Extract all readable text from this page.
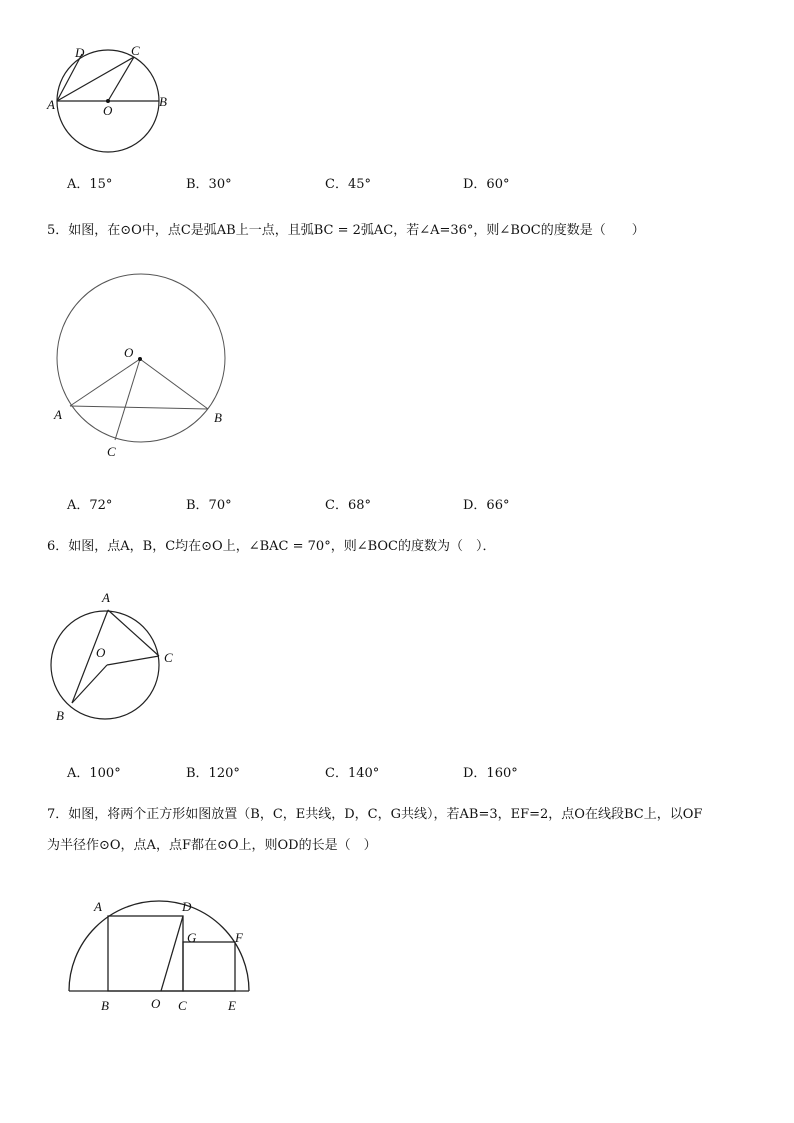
D	C
A	O
B
A．15°	B．30°	C．45°	D．60°
5．如图，在⊙O中，点C是弧AB上一点，且弧BC = 2弧AC，若∠A=36°，则∠BOC的度数是（　　）
O
A	B
C
A．72°	B．70°	C．68°	D．66°
6．如图，点A，B，C均在⊙O上，∠BAC = 70°，则∠BOC的度数为（　）．
A
O	C
B
A．100°	B．120°	C．140°	D．160°
7．如图，将两个正方形如图放置（B，C，E共线，D，C，G共线），若AB=3，EF=2，点O在线段BC上，以OF
为半径作⊙O，点A，点F都在⊙O上，则OD的长是（　）
A	D
G	F
B	O C	E
